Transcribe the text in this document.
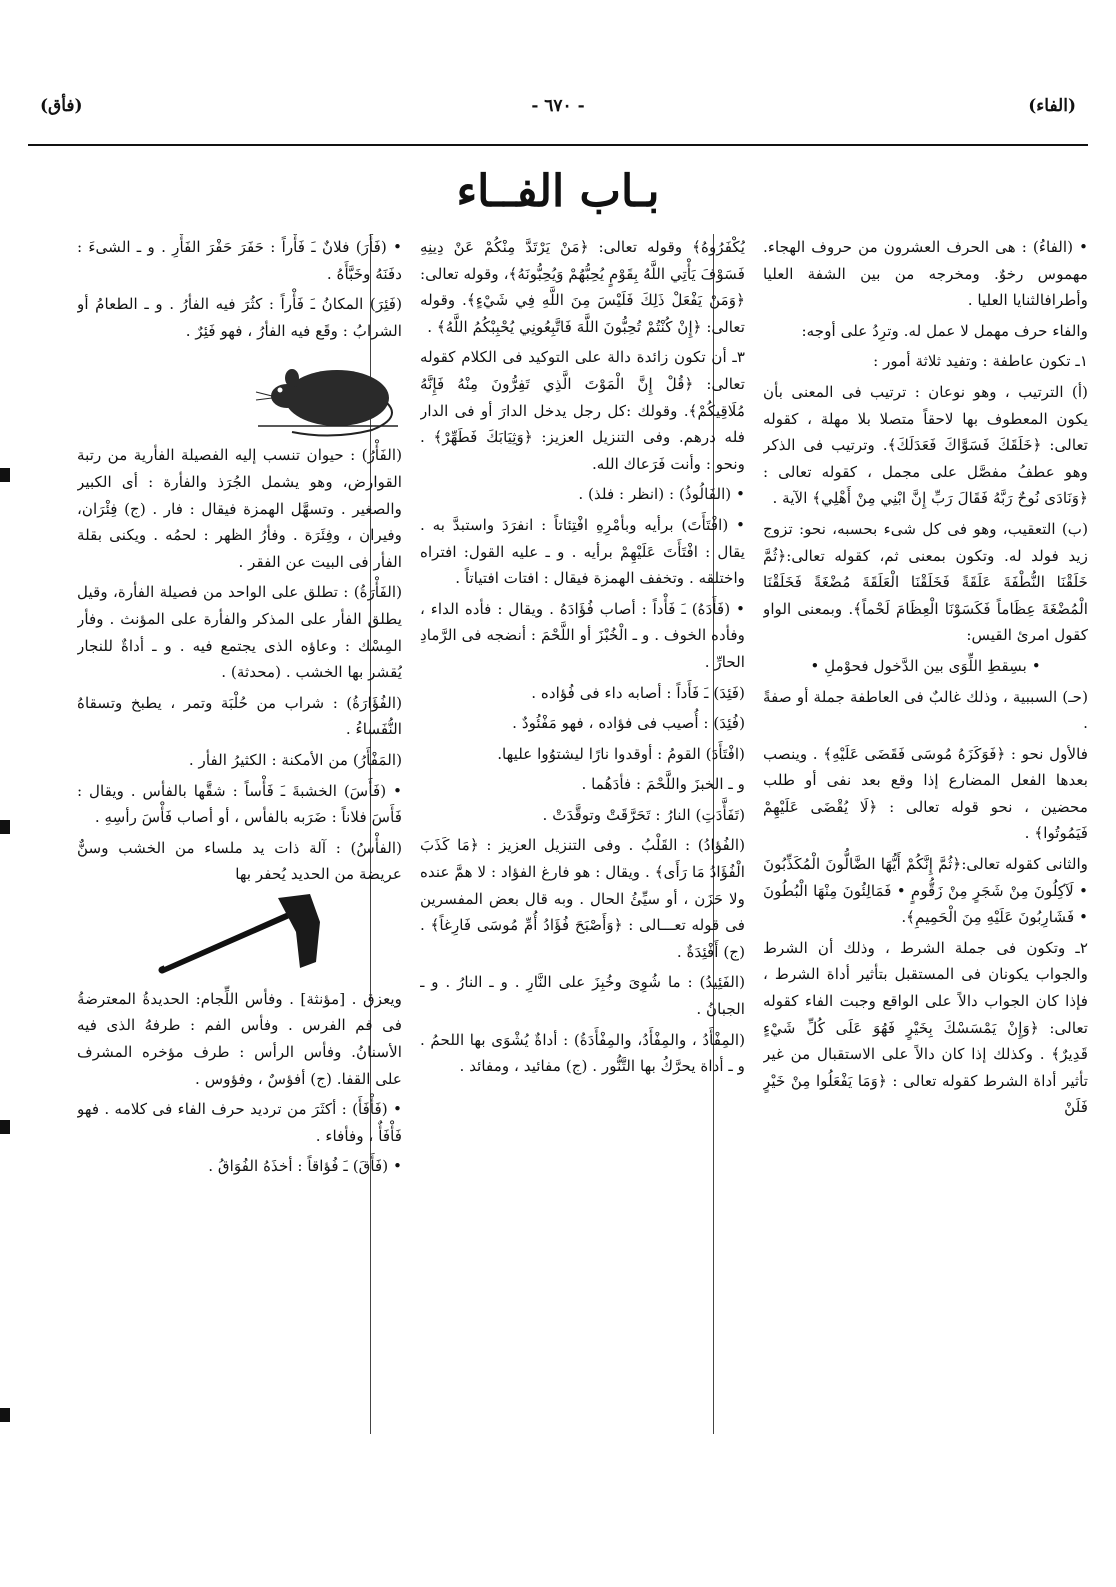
(الفاء)
- ٦٧٠ -
(فأق)
بـاب الفــاء

• (الفاءُ) : هى الحرف العشرون من حروف الهجاء. مهموس رخوٌ. ومخرجه من بين الشفة العليا وأطرافالثنايا العليا .

والفاء حرف مهمل لا عمل له. وترِدُ على أوجه:

١ـ تكون عاطفة : وتفيد ثلاثة أمور :

(أ) الترتيب ، وهو نوعان : ترتيب فى المعنى بأن يكون المعطوف بها لاحقاً متصلا بلا مهلة ، كقوله تعالى: ﴿خَلَقَكَ فَسَوَّاكَ فَعَدَلَكَ﴾. وترتيب فى الذكر وهو عطفُ مفصَّل على مجمل ، كقوله تعالى : ﴿وَنَادَى نُوحٌ رَبَّهُ فَقَالَ رَبِّ إِنَّ ابْنِي مِنْ أَهْلِي﴾ الآية .

(ب) التعقيب، وهو فى كل شىء بحسبه، نحو: تزوج زيد فولد له. وتكون بمعنى ثم، كقوله تعالى:﴿ثُمَّ خَلَقْنَا النُّطْفَةَ عَلَقَةً فَخَلَقْنَا الْعَلَقَةَ مُضْغَةً فَخَلَقْنَا الْمُضْغَةَ عِظَاماً فَكَسَوْنَا الْعِظَامَ لَحْماً﴾. وبمعنى الواو كقول امرئ القيس:

• بسِقطِ اللِّوَى بين الدَّخول فحوْملِ •

(حـ) السببية ، وذلك غالبٌ فى العاطفة جملة أو صفةً .

فالأول نحو : ﴿فَوَكَزَهُ مُوسَى فَقَضَى عَلَيْهِ﴾ . وينصب بعدها الفعل المضارع إذا وقع بعد نفى أو طلب محضين ، نحو قوله تعالى : ﴿لَا يُقْضَى عَلَيْهِمْ فَيَمُوتُوا﴾ .

والثانى كقوله تعالى:﴿ثُمَّ إِنَّكُمْ أَيُّهَا الضَّالُّونَ الْمُكَذِّبُونَ • لَآكِلُونَ مِنْ شَجَرٍ مِنْ زَقُّومٍ • فَمَالِئُونَ مِنْهَا الْبُطُونَ • فَشَارِبُونَ عَلَيْهِ مِنَ الْحَمِيمِ﴾.

٢ـ وتكون فى جملة الشرط ، وذلك أن الشرط والجواب يكونان فى المستقبل بتأثير أداة الشرط ، فإذا كان الجواب دالاً على الواقع وجبت الفاء كقوله تعالى: ﴿وَإِنْ يَمْسَسْكَ بِخَيْرٍ فَهُوَ عَلَى كُلِّ شَيْءٍ قَدِيرٌ﴾ . وكذلك إذا كان دالاً على الاستقبال من غير تأثير أداة الشرط كقوله تعالى : ﴿وَمَا يَفْعَلُوا مِنْ خَيْرٍ فَلَنْ

يُكْفَرُوهُ﴾ وقوله تعالى: ﴿مَنْ يَرْتَدَّ مِنْكُمْ عَنْ دِينِهِ فَسَوْفَ يَأْتِي اللَّهُ بِقَوْمٍ يُحِبُّهُمْ وَيُحِبُّونَهُ﴾، وقوله تعالى: ﴿وَمَنْ يَفْعَلْ ذَلِكَ فَلَيْسَ مِنَ اللَّهِ فِي شَيْءٍ﴾. وقوله تعالى: ﴿إِنْ كُنْتُمْ تُحِبُّونَ اللَّهَ فَاتَّبِعُونِي يُحْبِبْكُمُ اللَّهُ﴾ .

٣ـ أن تكون زائدة دالة على التوكيد فى الكلام كقوله تعالى: ﴿قُلْ إِنَّ الْمَوْتَ الَّذِي تَفِرُّونَ مِنْهُ فَإِنَّهُ مُلَاقِيكُمْ﴾. وقولك :كل رجل يدخل الدارَ أو فى الدار فله درهم. وفى التنزيل العزيز: ﴿وَثِيَابَكَ فَطَهِّرْ﴾ . ونحو : وأنت فَرَعاك الله.

• (الفَالُوذُ) : (انظر : فلذ) .

• (افْتَأَتَ) برأيه وبأمْرِهِ افْتِئاتاً : انفرَدَ واستبدَّ به . يقال : افْتَأَتَ عَلَيْهِمْ برأيه . و ـ عليه القول: افتراه واختلقه . وتخفف الهمزة فيقال : افتات افتياتاً .

• (فَأَدَهُ) ـَ فَأْداً : أصاب فُؤَادَهُ . ويقال : فأده الداء ، وفأده الخوف . و ـ الْخُبْزَ أو اللَّحْمَ : أنضجه فى الرَّمادِ الحارِّ .

(فَئِدَ) ـَ فَأَداً : أصابه داء فى فُؤاده .

(فُئِدَ) : أُصيب فى فؤاده ، فهو مَفْئُودٌ .

(افْتَأَدَ) القومُ : أوقدوا نارًا ليشتوُوا عليها.

و ـ الخبزَ واللَّحْمَ : فأدَهُما .

(تَفَأَّدَتِ) النارُ : تَحَرَّقَتْ وتوقَّدَتْ .

(الفُؤادُ) : القَلْبُ . وفى التنزيل العزيز : ﴿مَا كَذَبَ الْفُؤَادُ مَا رَأَى﴾ . ويقال : هو فارغ الفؤاد : لا همَّ عنده ولا حَزَن ، أو سيِّئُ الحال . وبه قال بعض المفسرين فى قوله تعـــالى : ﴿وَأَصْبَحَ فُؤَادُ أُمِّ مُوسَى فَارِغاً﴾ . (ج) أَفْئِدَةٌ .

(الفَئِيدُ) : ما شُوِىَ وخُبِزَ على النَّارِ . و ـ النارُ . و ـ الجبانُ .

(المِفْأَدُ ، والمِفْأَدُ، والمِفْأَدَةُ) : أداةٌ يُشْوَى بها اللحمُ . و ـ أداة يحرَّكُ بها التَّنُّور . (ج) مفائيد ، ومفائد .

• (فَأَرَ) فلانٌ ـَ فَأْراً : حَفَرَ حَفْرَ الفَأْرِ . و ـ الشىءَ : دفَنَهُ وخَبَّأَهُ .

(فَئِرَ) المكانُ ـَ فَأْراً : كثُرَ فيه الفأرُ . و ـ الطعامُ أو الشرابُ : وقَع فيه الفأرُ ، فهو فَئِرٌ .

(الفَأْرُ) : حيوان تنسب إليه الفصيلة الفأرية من رتبة القوارض، وهو يشمل الجُرَذ والفأرة : أى الكبير والصغير . وتسهَّل الهمزة فيقال : فار . (ج) فِئْرَان، وفيران ، وفِئَرَة . وفأرُ الظهر : لحمُه . ويكنى بقلة الفأر فى البيت عن الفقر .

(الفَأْرَةُ) : تطلق على الواحد من فصيلة الفأرة، وقيل يطلق الفأر على المذكر والفأرة على المؤنث . وفأر المِسْك : وعاؤه الذى يجتمع فيه . و ـ أداةٌ للنجار يُقشر بها الخشب . (محدثة) .

(الفُؤَارَةُ) : شراب من حُلْبَة وتمر ، يطبخ وتسقاهُ النُّفَساءُ .

(المَفْأَرُ) من الأمكنة : الكثيرُ الفأر .

• (فَأَسَ) الخشبةَ ـَ فَأْساً : شقَّها بالفأس . ويقال : فَأَسَ فلاناً : ضَرَبه بالفأس ، أو أصاب فَأْسَ رأسِهِ .

(الفأْسُ) : آلة ذات يد ملساء من الخشب وسنٌّ عريضة من الحديد يُحفر بها

ويعزق . [مؤنثة] . وفأس اللِّجام: الحديدةُ المعترضةُ فى فم الفرس . وفأس الفم : طرفهُ الذى فيه الأسنانُ. وفأس الرأس : طرف مؤخره المشرف على القفا. (ج) أفؤسٌ ، وفؤوس .

• (فَأْفَأَ) : أكثَرَ من ترديد حرف الفاء فى كلامه . فهو فَأْفَأٌ ، وفأفاء .

• (فَأَقَ) ـَ فُؤاقاً : أخذَهُ الفُوَاقُ .
